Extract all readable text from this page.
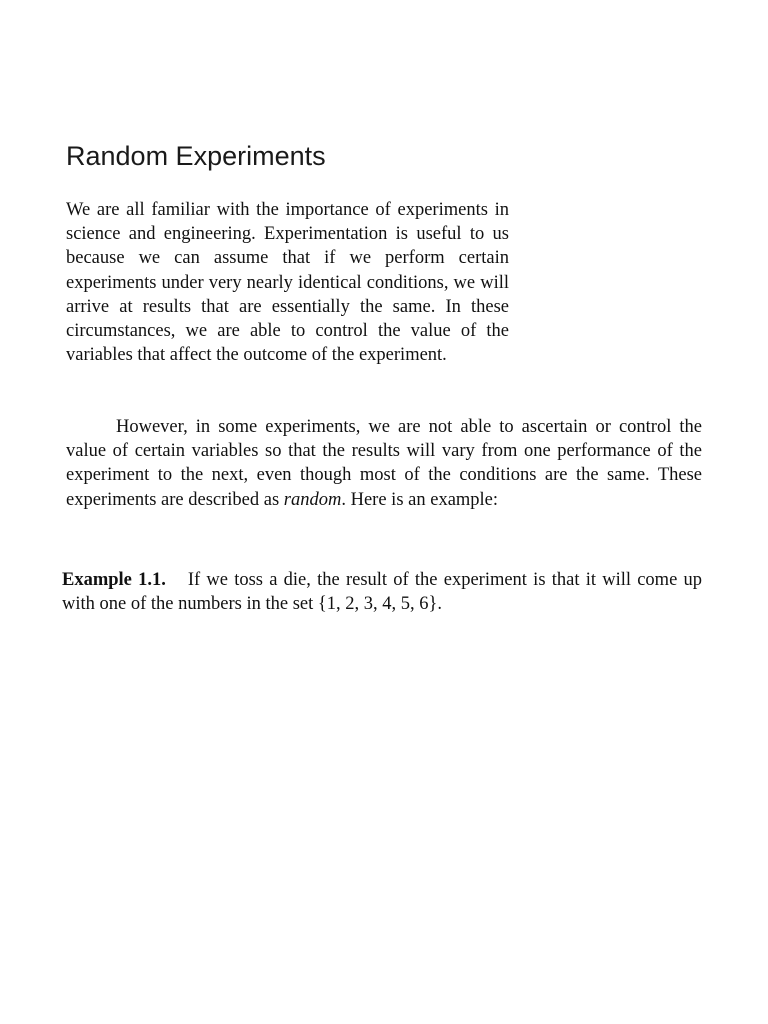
Random Experiments

We are all familiar with the importance of experiments in science and engineering. Experimentation is useful to us because we can assume that if we perform certain experiments under very nearly identical conditions, we will arrive at results that are essentially the same. In these circumstances, we are able to control the value of the variables that affect the outcome of the experiment.

However, in some experiments, we are not able to ascertain or control the value of certain variables so that the results will vary from one performance of the experiment to the next, even though most of the conditions are the same. These experiments are described as random. Here is an example:

Example 1.1. If we toss a die, the result of the experiment is that it will come up with one of the numbers in the set {1, 2, 3, 4, 5, 6}.
